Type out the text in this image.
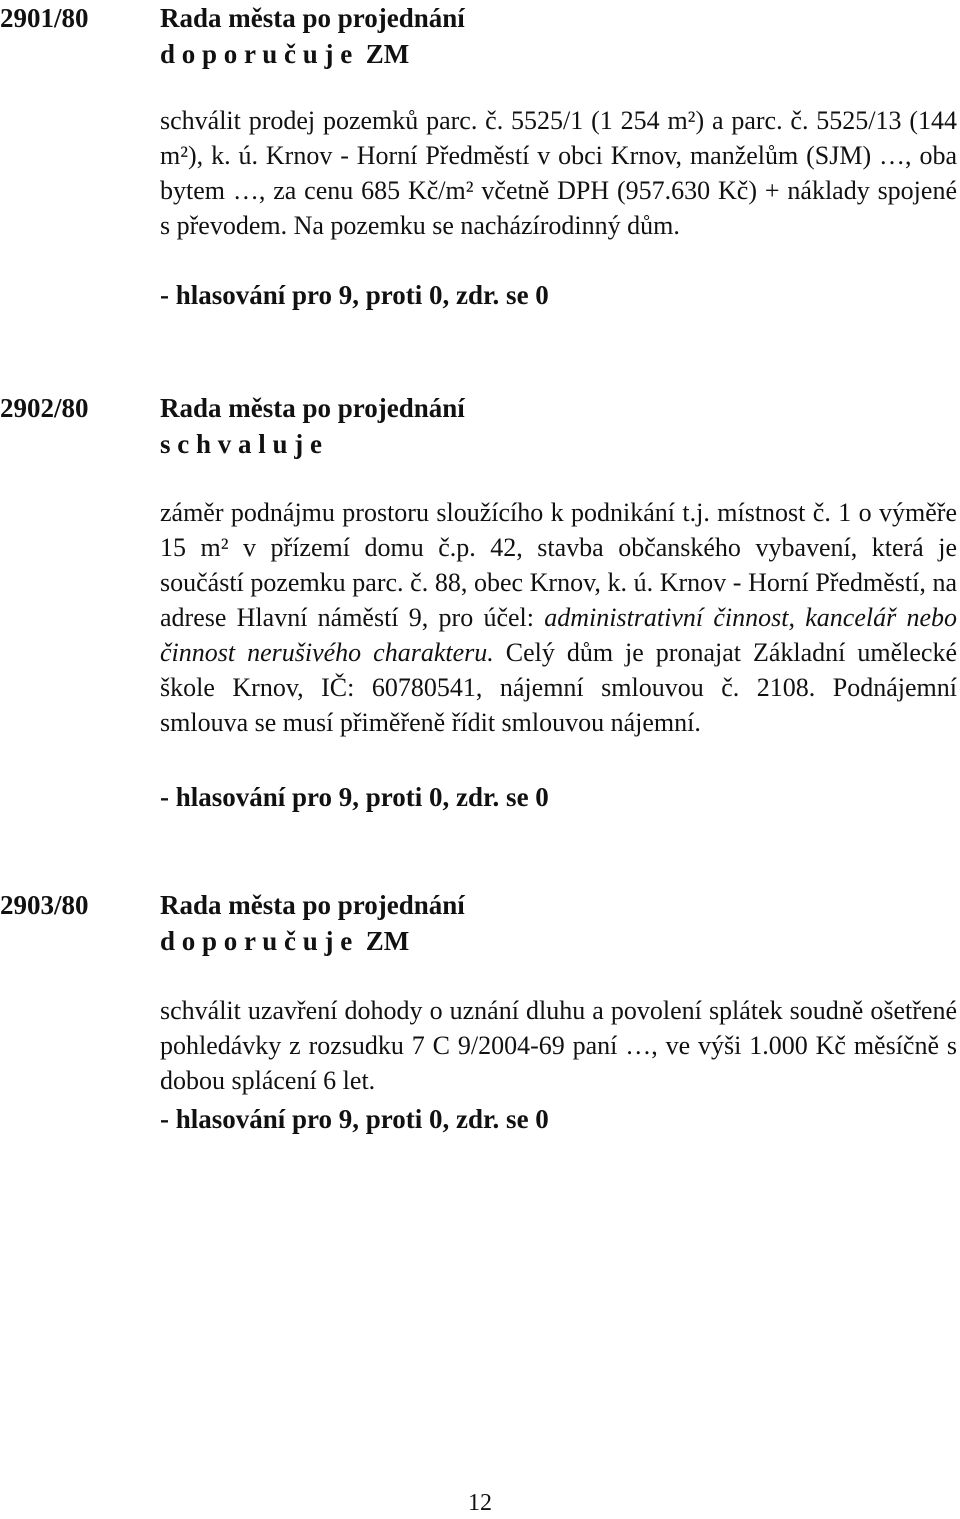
2901/80	Rada města po projednání
d o p o r u č u j e  ZM

schválit prodej pozemků parc. č. 5525/1 (1 254 m²) a parc. č. 5525/13 (144 m²), k. ú. Krnov - Horní Předměstí v obci Krnov, manželům (SJM) …, oba bytem …, za cenu 685 Kč/m² včetně DPH (957.630 Kč) + náklady spojené s převodem. Na pozemku se nacházírodinný dům.

- hlasování pro 9, proti 0, zdr. se 0
2902/80	Rada města po projednání
s c h v a l u j e

záměr podnájmu prostoru sloužícího k podnikání t.j. místnost č. 1 o výměře 15 m² v přízemí domu č.p. 42, stavba občanského vybavení, která je součástí pozemku parc. č. 88, obec Krnov, k. ú. Krnov - Horní Předměstí, na adrese Hlavní náměstí 9, pro účel: administrativní činnost, kancelář nebo činnost nerušivého charakteru. Celý dům je pronajat Základní umělecké škole Krnov, IČ: 60780541, nájemní smlouvou č. 2108. Podnájemní smlouva se musí přiměřeně řídit smlouvou nájemní.

- hlasování pro 9, proti 0, zdr. se 0
2903/80	Rada města po projednání
d o p o r u č u j e  ZM

schválit uzavření dohody o uznání dluhu a povolení splátek soudně ošetřené pohledávky z rozsudku 7 C 9/2004-69 paní …, ve výši 1.000 Kč měsíčně s dobou splácení 6 let.

- hlasování pro 9, proti 0, zdr. se 0
12
